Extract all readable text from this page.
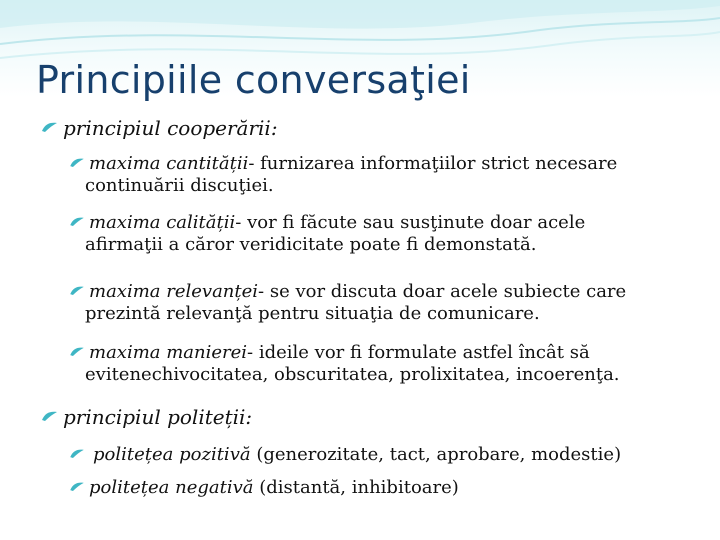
Principiile conversaţiei
principiul cooperării:
maxima cantității- furnizarea informaţiilor strict necesare
continuării discuţiei.
maxima calității- vor fi făcute sau susţinute doar acele
afirmaţii a căror veridicitate poate fi demonstată.
maxima relevanței- se vor discuta doar acele subiecte care
prezintă relevanţă pentru situaţia de comunicare.
maxima manierei- ideile vor fi formulate astfel încât să
evitenechivocitatea, obscuritatea, prolixitatea, incoerenţa.
principiul politeții:
politețea pozitivă (generozitate, tact, aprobare, modestie)
politețea negativă (distantă, inhibitoare)
